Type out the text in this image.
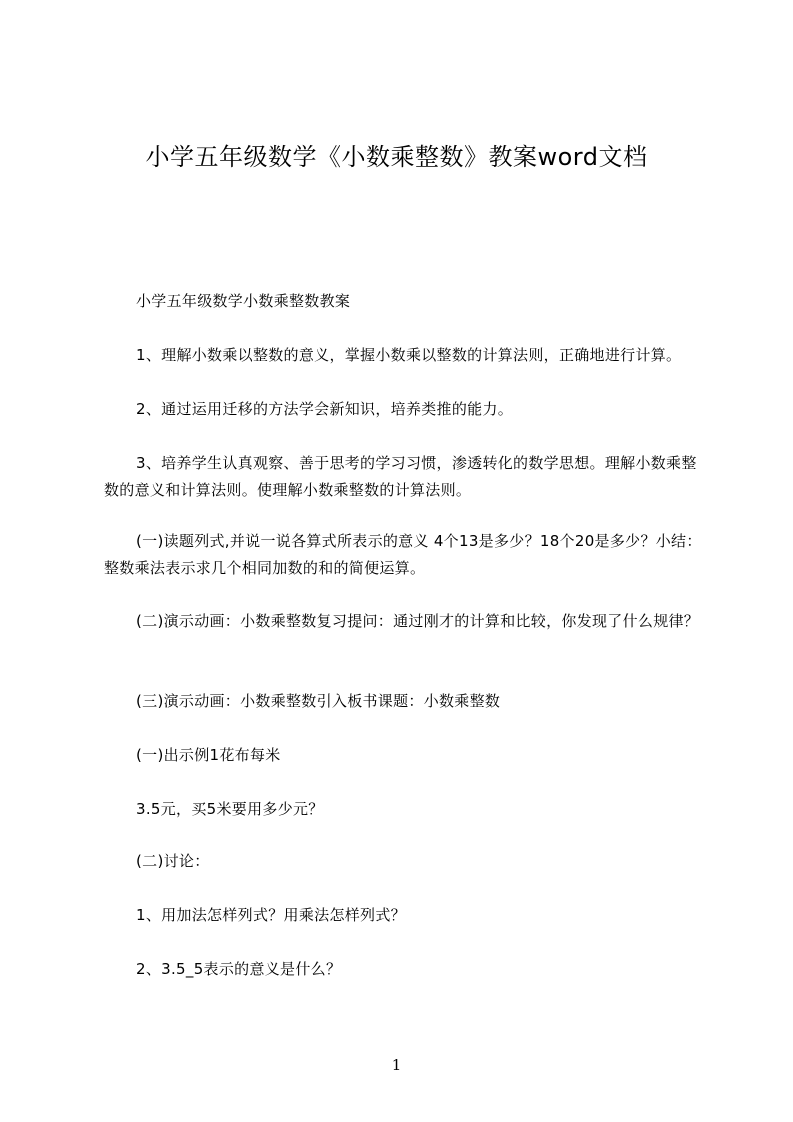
小学五年级数学《小数乘整数》教案word文档

小学五年级数学小数乘整数教案

1、理解小数乘以整数的意义，掌握小数乘以整数的计算法则，正确地进行计算。

2、通过运用迁移的方法学会新知识，培养类推的能力。

3、培养学生认真观察、善于思考的学习习惯，渗透转化的数学思想。理解小数乘整数的意义和计算法则。使理解小数乘整数的计算法则。

(一)读题列式,并说一说各算式所表示的意义 4个13是多少？18个20是多少？小结：整数乘法表示求几个相同加数的和的简便运算。

(二)演示动画：小数乘整数复习提问：通过刚才的计算和比较，你发现了什么规律？

(三)演示动画：小数乘整数引入板书课题：小数乘整数

(一)出示例1花布每米

3.5元，买5米要用多少元？

(二)讨论：

1、用加法怎样列式？用乘法怎样列式？

2、3.5_5表示的意义是什么？

1
